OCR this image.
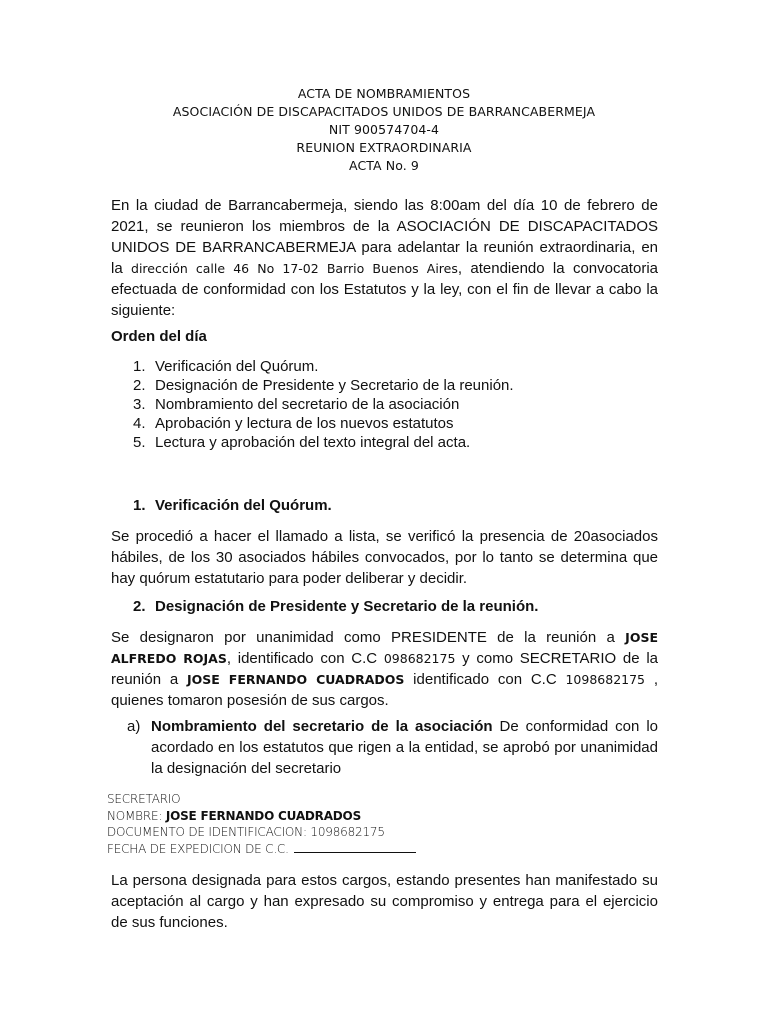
ACTA DE NOMBRAMIENTOS
ASOCIACIÓN DE DISCAPACITADOS UNIDOS DE BARRANCABERMEJA
NIT 900574704-4
REUNION EXTRAORDINARIA
ACTA No. 9

En la ciudad de Barrancabermeja, siendo las 8:00am del día 10 de febrero de 2021, se reunieron los miembros de la ASOCIACIÓN DE DISCAPACITADOS UNIDOS DE BARRANCABERMEJA para adelantar la reunión extraordinaria, en la dirección calle 46 No 17-02 Barrio Buenos Aires, atendiendo la convocatoria efectuada de conformidad con los Estatutos y la ley, con el fin de llevar a cabo la siguiente:

Orden del día
1. Verificación del Quórum.
2. Designación de Presidente y Secretario de la reunión.
3. Nombramiento del secretario de la asociación
4. Aprobación y lectura de los nuevos estatutos
5. Lectura y aprobación del texto integral del acta.
1. Verificación del Quórum.

Se procedió a hacer el llamado a lista, se verificó la presencia de 20asociados hábiles, de los 30 asociados hábiles convocados, por lo tanto se determina que hay quórum estatutario para poder deliberar y decidir.

2. Designación de Presidente y Secretario de la reunión.

Se designaron por unanimidad como PRESIDENTE de la reunión a JOSE ALFREDO ROJAS, identificado con C.C 098682175 y como SECRETARIO de la reunión a JOSE FERNANDO CUADRADOS identificado con C.C 1098682175 , quienes tomaron posesión de sus cargos.

a) Nombramiento del secretario de la asociación De conformidad con lo acordado en los estatutos que rigen a la entidad, se aprobó por unanimidad la designación del secretario
SECRETARIO
NOMBRE: JOSE FERNANDO CUADRADOS
DOCUMENTO DE IDENTIFICACION: 1098682175
FECHA DE EXPEDICION DE C.C.

La persona designada para estos cargos, estando presentes han manifestado su aceptación al cargo y han expresado su compromiso y entrega para el ejercicio de sus funciones.
